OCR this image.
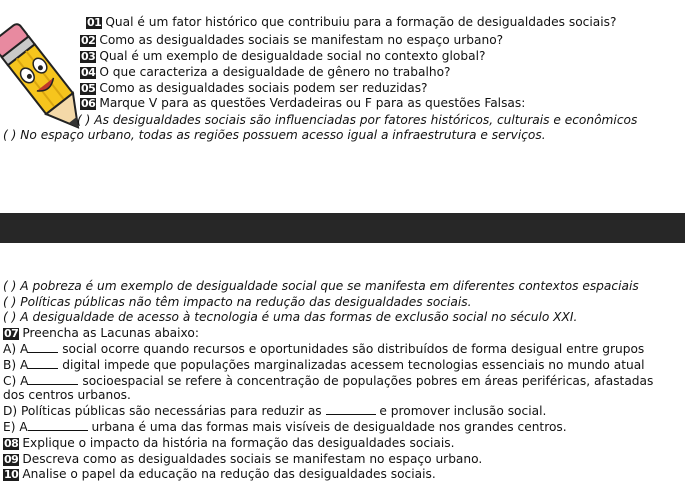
01 Qual é um fator histórico que contribuiu para a formação de desigualdades sociais?
02 Como as desigualdades sociais se manifestam no espaço urbano?
03 Qual é um exemplo de desigualdade social no contexto global?
04 O que caracteriza a desigualdade de gênero no trabalho?
05 Como as desigualdades sociais podem ser reduzidas?
06 Marque V para as questões Verdadeiras ou F para as questões Falsas:
( ) As desigualdades sociais são influenciadas por fatores históricos, culturais e econômicos
( ) No espaço urbano, todas as regiões possuem acesso igual a infraestrutura e serviços.
( ) A pobreza é um exemplo de desigualdade social que se manifesta em diferentes contextos espaciais
( ) Políticas públicas não têm impacto na redução das desigualdades sociais.
( ) A desigualdade de acesso à tecnologia é uma das formas de exclusão social no século XXI.
07 Preencha as Lacunas abaixo:
A) A	social ocorre quando recursos e oportunidades são distribuídos de forma desigual entre grupos
B) A	digital impede que populações marginalizadas acessem tecnologias essenciais no mundo atual
C) A	socioespacial se refere à concentração de populações pobres em áreas periféricas, afastadas
dos centros urbanos.
D) Políticas públicas são necessárias para reduzir as	e promover inclusão social.
E) A	urbana é uma das formas mais visíveis de desigualdade nos grandes centros.
08 Explique o impacto da história na formação das desigualdades sociais.
09 Descreva como as desigualdades sociais se manifestam no espaço urbano.
10 Analise o papel da educação na redução das desigualdades sociais.
